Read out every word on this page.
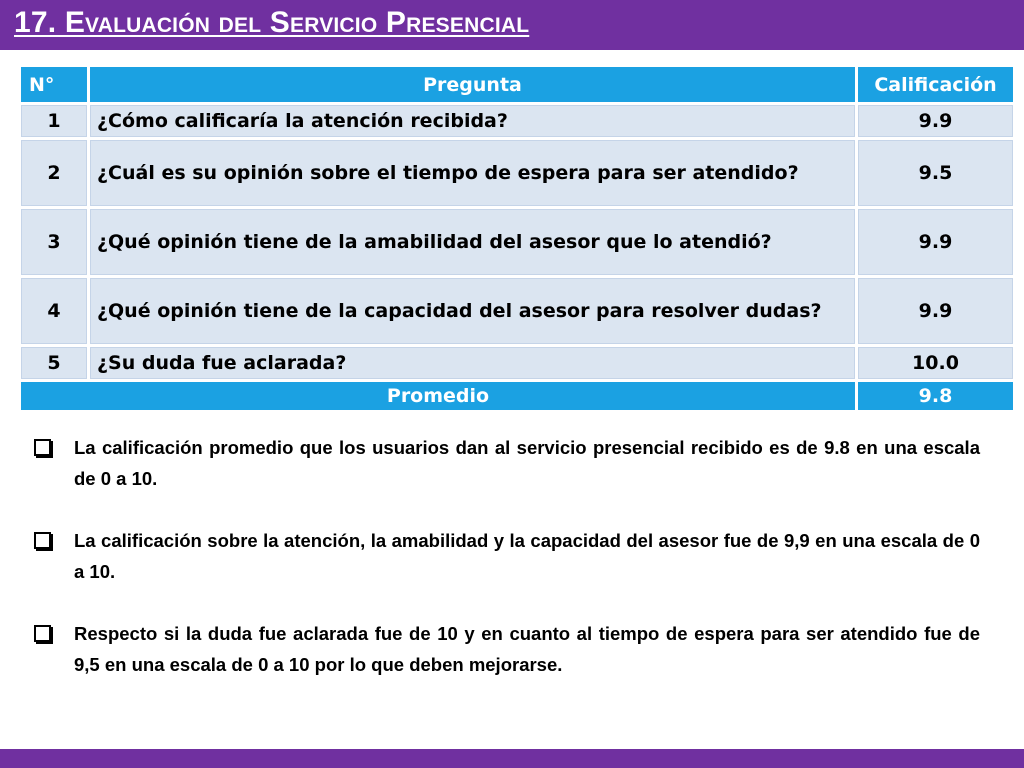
17. Evaluación del Servicio Presencial
N°	Pregunta	Calificación
1	¿Cómo calificaría la atención recibida?	9.9
2	¿Cuál es su opinión sobre el tiempo de espera para ser atendido?	9.5
3	¿Qué opinión tiene de la amabilidad del asesor que lo atendió?	9.9
4	¿Qué opinión tiene de la capacidad del asesor para resolver dudas?	9.9
5	¿Su duda fue aclarada?	10.0
Promedio		9.8
La calificación promedio que los usuarios dan al servicio presencial recibido es de 9.8 en una escala de 0 a 10.
La calificación sobre la atención, la amabilidad y la capacidad del asesor fue de 9,9 en una escala de 0 a 10.
Respecto si la duda fue aclarada fue de 10 y en cuanto al tiempo de espera para ser atendido fue de 9,5 en una escala de 0 a 10 por lo que deben mejorarse.
